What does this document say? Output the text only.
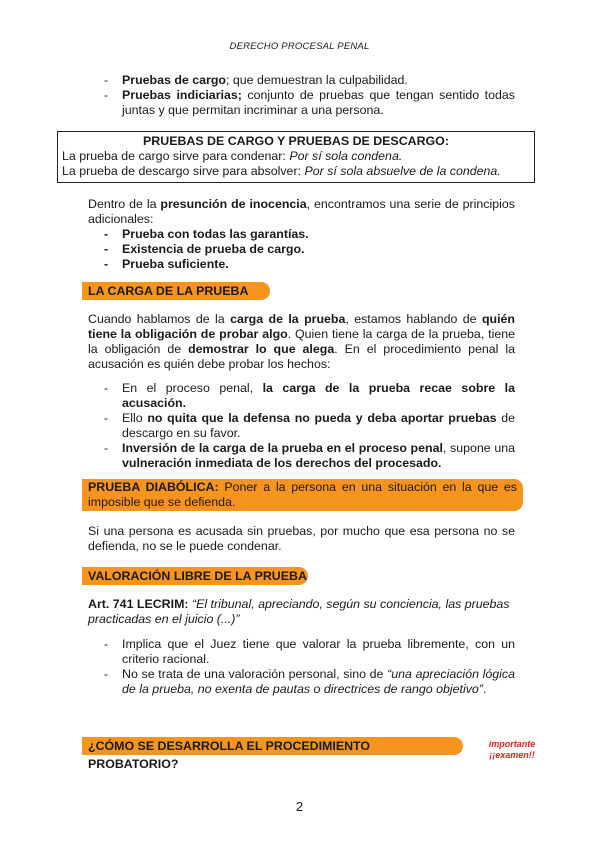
DERECHO PROCESAL PENAL
- Pruebas de cargo; que demuestran la culpabilidad.
- Pruebas indiciarias; conjunto de pruebas que tengan sentido todas juntas y que permitan incriminar a una persona.
PRUEBAS DE CARGO Y PRUEBAS DE DESCARGO:
La prueba de cargo sirve para condenar: Por sí sola condena.
La prueba de descargo sirve para absolver: Por sí sola absuelve de la condena.
Dentro de la presunción de inocencia, encontramos una serie de principios adicionales:
- Prueba con todas las garantías.
- Existencia de prueba de cargo.
- Prueba suficiente.
LA CARGA DE LA PRUEBA
Cuando hablamos de la carga de la prueba, estamos hablando de quién tiene la obligación de probar algo. Quien tiene la carga de la prueba, tiene la obligación de demostrar lo que alega. En el procedimiento penal la acusación es quién debe probar los hechos:
- En el proceso penal, la carga de la prueba recae sobre la acusación.
- Ello no quita que la defensa no pueda y deba aportar pruebas de descargo en su favor.
- Inversión de la carga de la prueba en el proceso penal, supone una vulneración inmediata de los derechos del procesado.
PRUEBA DIABÓLICA: Poner a la persona en una situación en la que es imposible que se defienda.
Si una persona es acusada sin pruebas, por mucho que esa persona no se defienda, no se le puede condenar.
VALORACIÓN LIBRE DE LA PRUEBA
Art. 741 LECRIM: “El tribunal, apreciando, según su conciencia, las pruebas practicadas en el juicio (...)”
- Implica que el Juez tiene que valorar la prueba libremente, con un criterio racional.
- No se trata de una valoración personal, sino de “una apreciación lógica de la prueba, no exenta de pautas o directrices de rango objetivo”.
¿CÓMO SE DESARROLLA EL PROCEDIMIENTO PROBATORIO?
importante
¡¡examen!!
2
